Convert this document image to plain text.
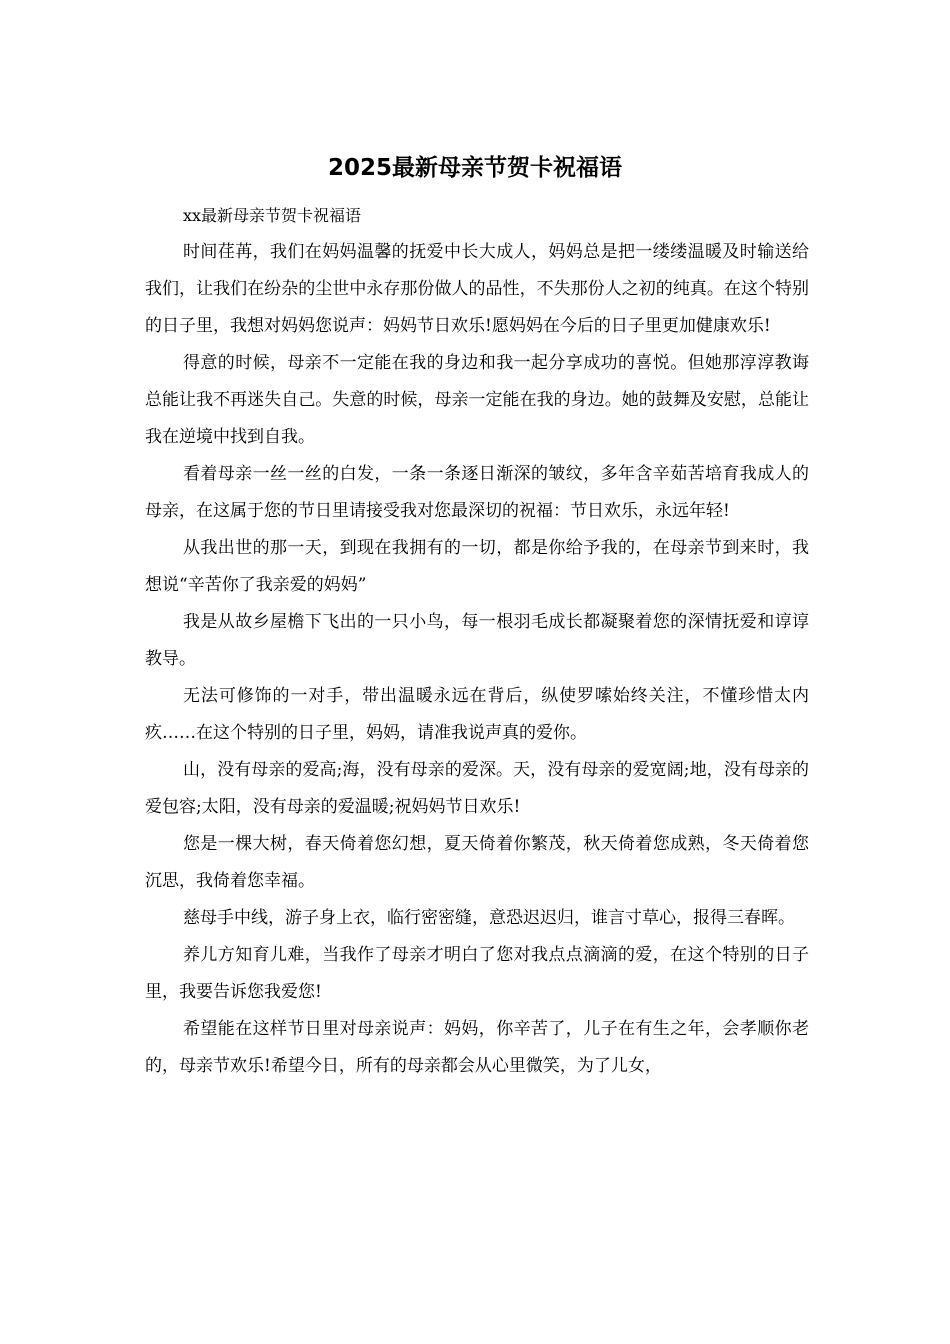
2025最新母亲节贺卡祝福语

xx最新母亲节贺卡祝福语

时间荏苒，我们在妈妈温馨的抚爱中长大成人，妈妈总是把一缕缕温暖及时输送给我们，让我们在纷杂的尘世中永存那份做人的品性，不失那份人之初的纯真。在这个特别的日子里，我想对妈妈您说声：妈妈节日欢乐!愿妈妈在今后的日子里更加健康欢乐!

得意的时候，母亲不一定能在我的身边和我一起分享成功的喜悦。但她那淳淳教诲总能让我不再迷失自己。失意的时候，母亲一定能在我的身边。她的鼓舞及安慰，总能让我在逆境中找到自我。

看着母亲一丝一丝的白发，一条一条逐日渐深的皱纹，多年含辛茹苦培育我成人的母亲，在这属于您的节日里请接受我对您最深切的祝福：节日欢乐，永远年轻!

从我出世的那一天，到现在我拥有的一切，都是你给予我的，在母亲节到来时，我想说“辛苦你了我亲爱的妈妈”

我是从故乡屋檐下飞出的一只小鸟，每一根羽毛成长都凝聚着您的深情抚爱和谆谆教导。

无法可修饰的一对手，带出温暖永远在背后，纵使罗嗦始终关注，不懂珍惜太内疚……在这个特别的日子里，妈妈，请准我说声真的爱你。

山，没有母亲的爱高;海，没有母亲的爱深。天，没有母亲的爱宽阔;地，没有母亲的爱包容;太阳，没有母亲的爱温暖;祝妈妈节日欢乐!

您是一棵大树，春天倚着您幻想，夏天倚着你繁茂，秋天倚着您成熟，冬天倚着您沉思，我倚着您幸福。

慈母手中线，游子身上衣，临行密密缝，意恐迟迟归，谁言寸草心，报得三春晖。

养儿方知育儿难，当我作了母亲才明白了您对我点点滴滴的爱，在这个特别的日子里，我要告诉您我爱您!

希望能在这样节日里对母亲说声：妈妈，你辛苦了，儿子在有生之年，会孝顺你老的，母亲节欢乐!希望今日，所有的母亲都会从心里微笑，为了儿女，
